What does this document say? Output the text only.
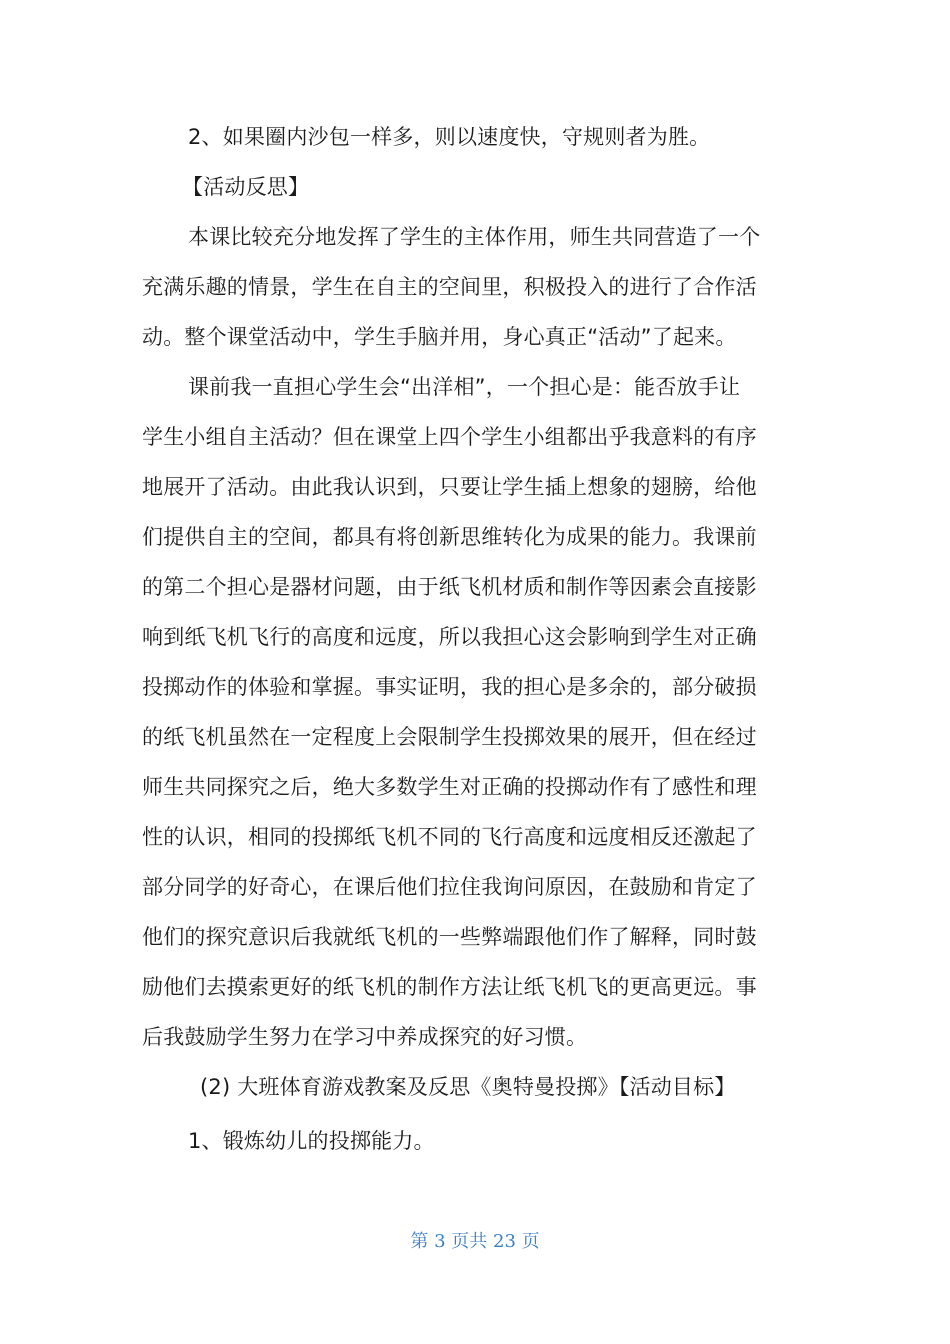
2、如果圈内沙包一样多，则以速度快，守规则者为胜。
【活动反思】
本课比较充分地发挥了学生的主体作用，师生共同营造了一个
充满乐趣的情景，学生在自主的空间里，积极投入的进行了合作活
动。整个课堂活动中，学生手脑并用，身心真正“活动”了起来。
课前我一直担心学生会“出洋相”，一个担心是：能否放手让
学生小组自主活动？但在课堂上四个学生小组都出乎我意料的有序
地展开了活动。由此我认识到，只要让学生插上想象的翅膀，给他
们提供自主的空间，都具有将创新思维转化为成果的能力。我课前
的第二个担心是器材问题，由于纸飞机材质和制作等因素会直接影
响到纸飞机飞行的高度和远度，所以我担心这会影响到学生对正确
投掷动作的体验和掌握。事实证明，我的担心是多余的，部分破损
的纸飞机虽然在一定程度上会限制学生投掷效果的展开，但在经过
师生共同探究之后，绝大多数学生对正确的投掷动作有了感性和理
性的认识，相同的投掷纸飞机不同的飞行高度和远度相反还激起了
部分同学的好奇心，在课后他们拉住我询问原因，在鼓励和肯定了
他们的探究意识后我就纸飞机的一些弊端跟他们作了解释，同时鼓
励他们去摸索更好的纸飞机的制作方法让纸飞机飞的更高更远。事
后我鼓励学生努力在学习中养成探究的好习惯。
(2) 大班体育游戏教案及反思《奥特曼投掷》【活动目标】
1、锻炼幼儿的投掷能力。
第 3 页共 23 页
